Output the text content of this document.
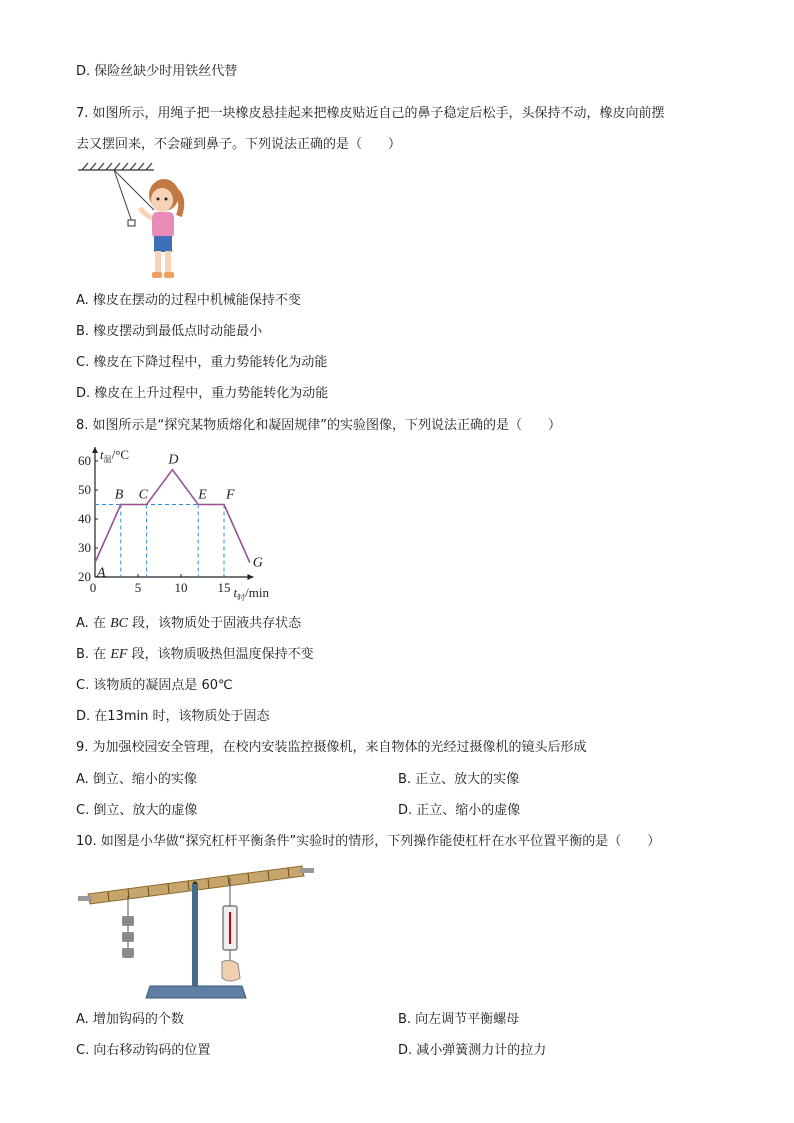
D. 保险丝缺少时用铁丝代替
7. 如图所示，用绳子把一块橡皮悬挂起来把橡皮贴近自己的鼻子稳定后松手，头保持不动，橡皮向前摆
去又摆回来，不会碰到鼻子。下列说法正确的是（　　）
A. 橡皮在摆动的过程中机械能保持不变
B. 橡皮摆动到最低点时动能最小
C. 橡皮在下降过程中，重力势能转化为动能
D. 橡皮在上升过程中，重力势能转化为动能
8. 如图所示是“探究某物质熔化和凝固规律”的实验图像，下列说法正确的是（　　）
20
30
40
50
60
0	5	10 15
A
B C
D
E F
G
$t_温/^\circ C$
$t_时/\min$
A. 在 BC 段，该物质处于固液共存状态
B. 在 EF 段，该物质吸热但温度保持不变
C. 该物质的凝固点是 60℃
D. 在13min 时，该物质处于固态
9. 为加强校园安全管理，在校内安装监控摄像机，来自物体的光经过摄像机的镜头后形成
A. 倒立、缩小的实像	B. 正立、放大的实像
C. 倒立、放大的虚像	D. 正立、缩小的虚像
10. 如图是小华做“探究杠杆平衡条件”实验时的情形，下列操作能使杠杆在水平位置平衡的是（　　）
A. 增加钩码的个数	B. 向左调节平衡螺母
C. 向右移动钩码的位置	D. 减小弹簧测力计的拉力
